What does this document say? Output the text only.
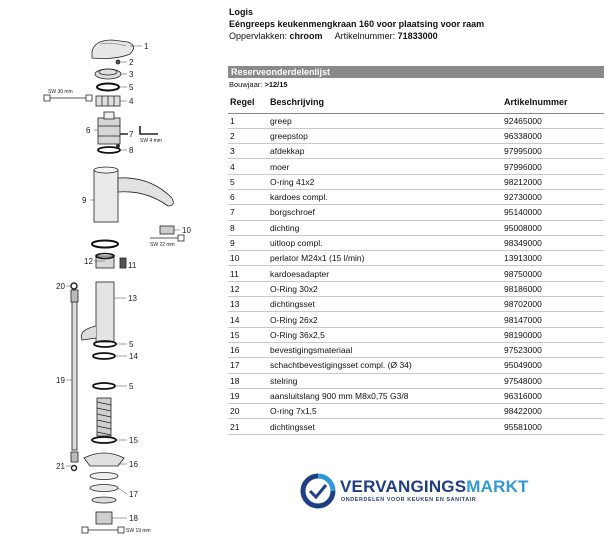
1
2
3
4
5
6	7
8
9
10
11
12
13
5
14
5
15
16
17
18
19
20
21
SW 30 mm
SW 4 mm
SW 22 mm
SW 19 mm
Logis
Eéngreeps keukenmengkraan 160 voor plaatsing voor raam
Oppervlakken: chroom Artikelnummer: 71833000
Reserveonderdelenlijst
Bouwjaar: >12/15
Regel	Beschrijving	Artikelnummer
1	greep	92465000
2	greepstop	96338000
3	afdekkap	97995000
4	moer	97996000
5	O-ring 41x2	98212000
6	kardoes compl.	92730000
7	borgschroef	95140000
8	dichting	95008000
9	uitloop compl.	98349000
10	perlator M24x1 (15 l/min)	13913000
11	kardoesadapter	98750000
12	O-Ring 30x2	98186000
13	dichtingsset	98702000
14	O-Ring 26x2	98147000
15	O-Ring 36x2,5	98190000
16	bevestigingsmateriaal	97523000
17	schachtbevestigingsset compl. (Ø 34)	95049000
18	stelring	97548000
19	aansluitslang 900 mm M8x0,75 G3/8	96316000
20	O-ring 7x1,5	98422000
21	dichtingsset	95581000
VERVANGINGSMARKT
ONDERDELEN VOOR KEUKEN EN SANITAIR
